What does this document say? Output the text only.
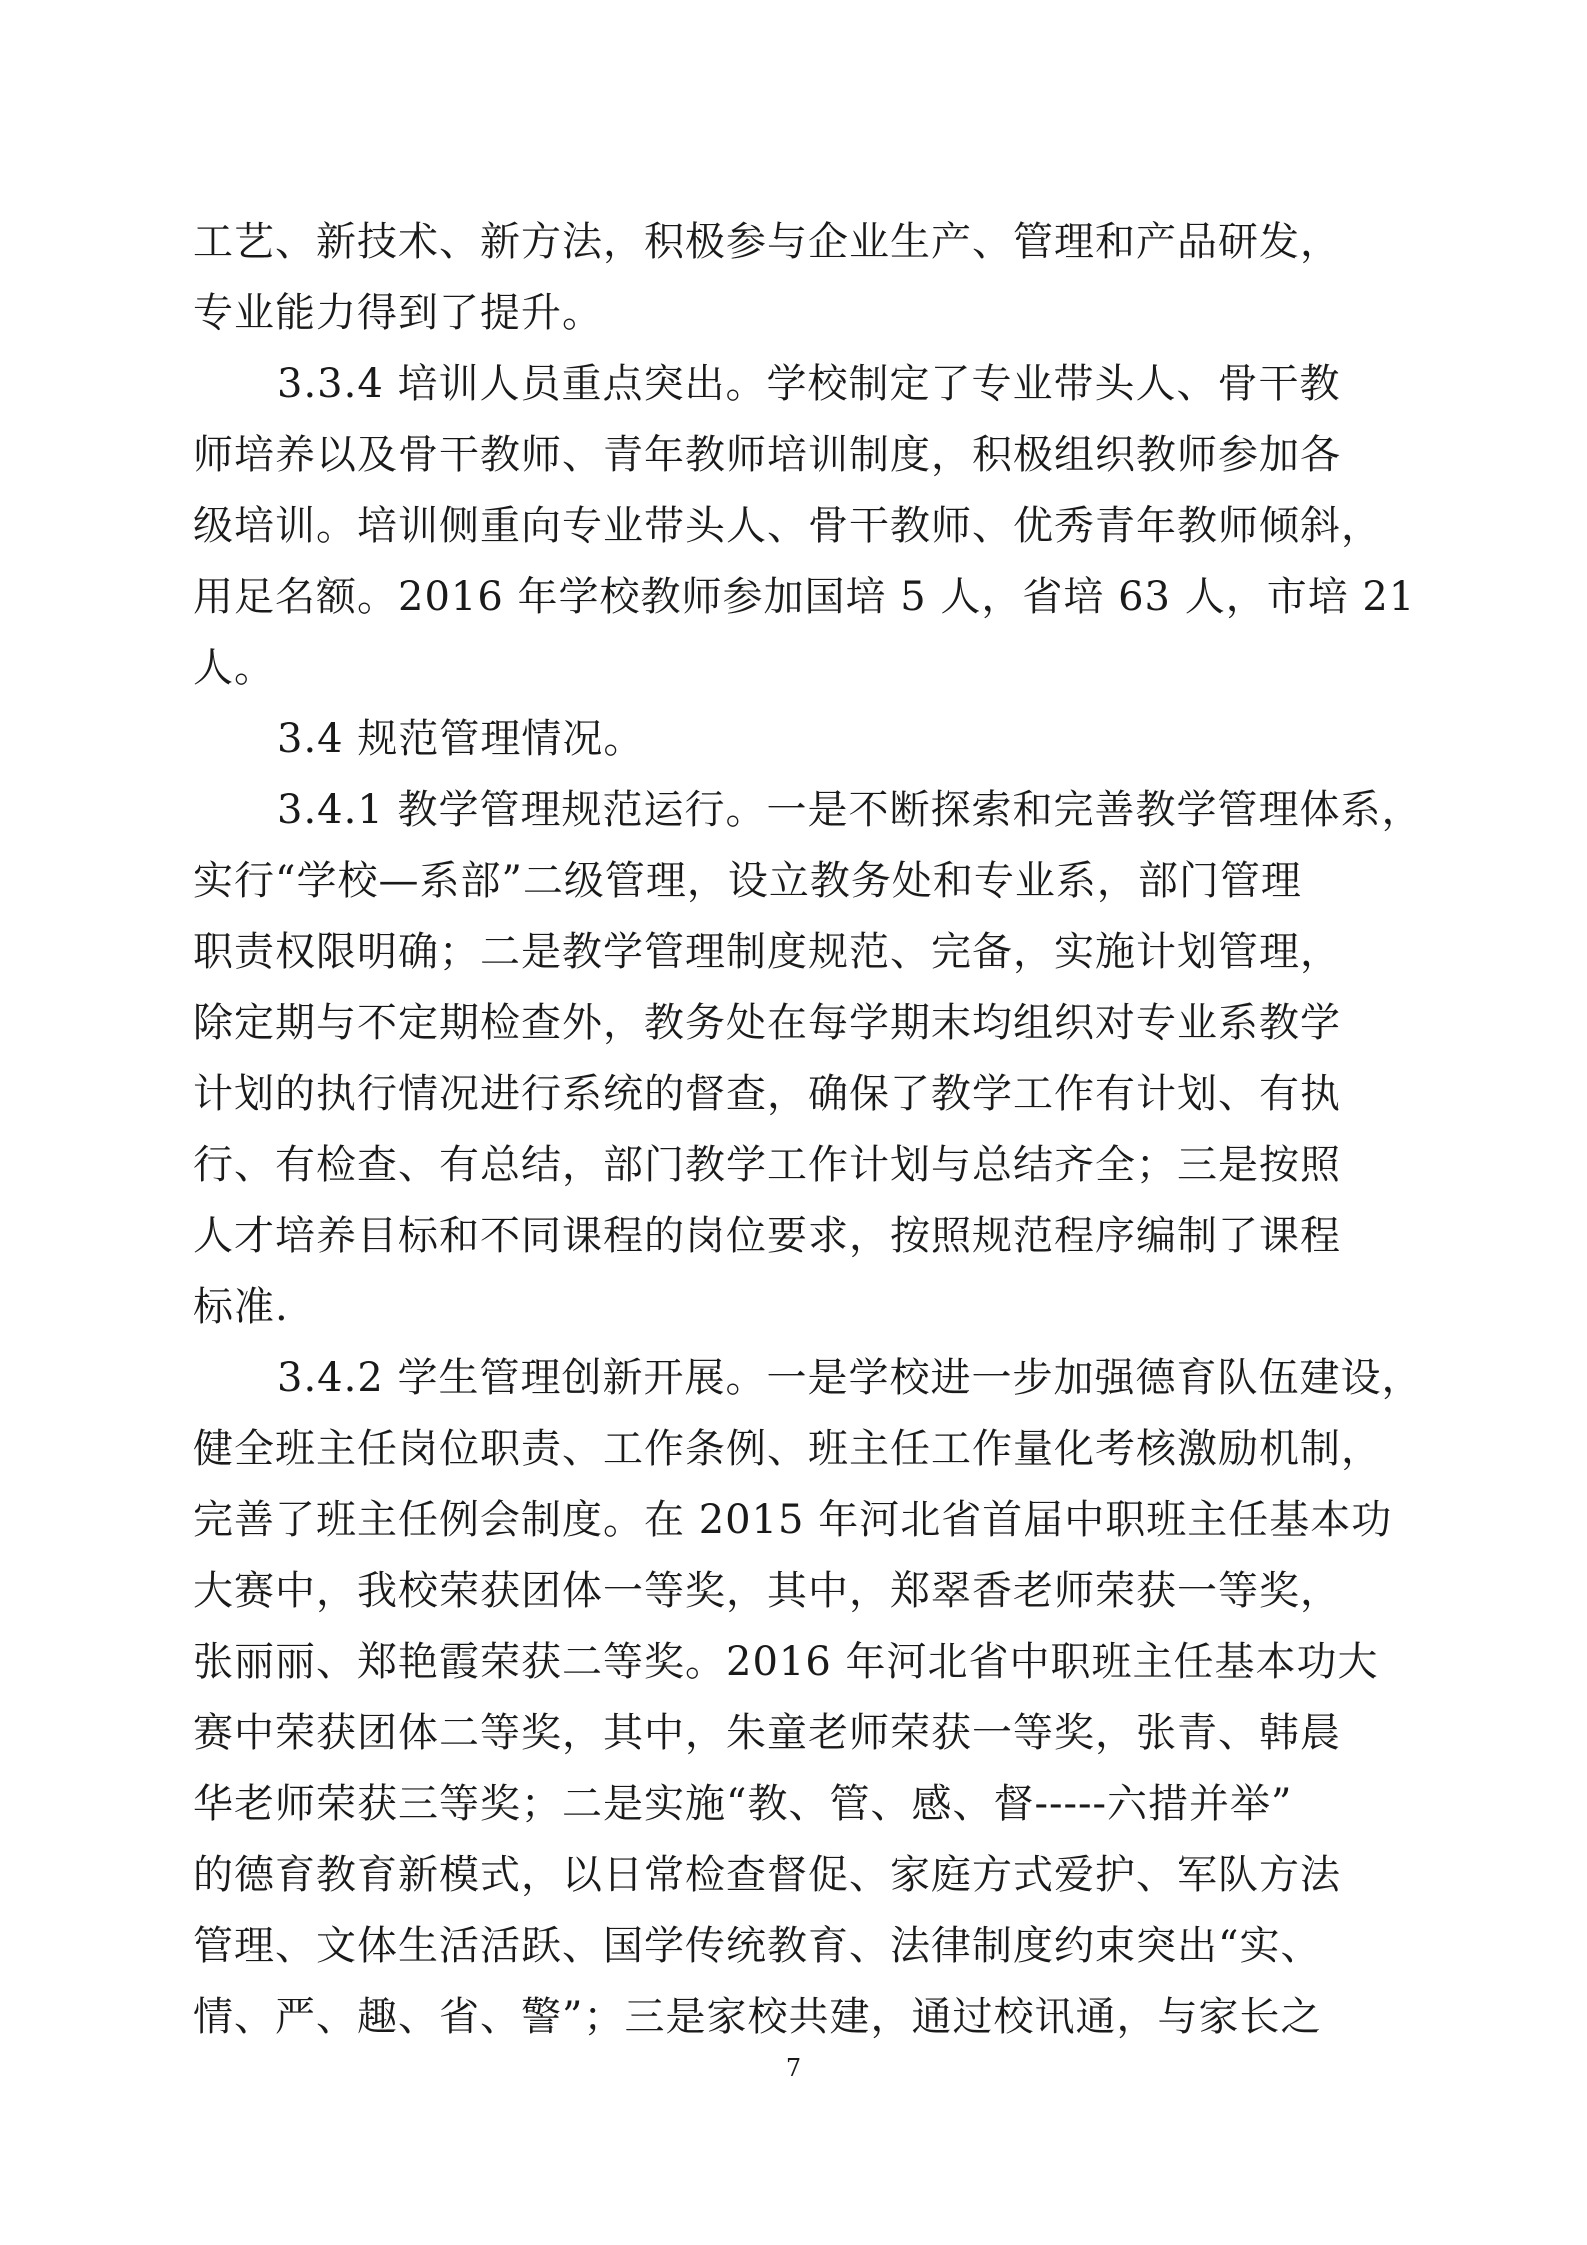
工艺、新技术、新方法，积极参与企业生产、管理和产品研发，
专业能力得到了提升。
3.3.4 培训人员重点突出。学校制定了专业带头人、骨干教
师培养以及骨干教师、青年教师培训制度，积极组织教师参加各
级培训。培训侧重向专业带头人、骨干教师、优秀青年教师倾斜，
用足名额。2016 年学校教师参加国培 5 人，省培 63 人，市培 21
人。
3.4 规范管理情况。
3.4.1 教学管理规范运行。一是不断探索和完善教学管理体系，
实行“学校—系部”二级管理，设立教务处和专业系，部门管理
职责权限明确；二是教学管理制度规范、完备，实施计划管理，
除定期与不定期检查外，教务处在每学期末均组织对专业系教学
计划的执行情况进行系统的督查，确保了教学工作有计划、有执
行、有检查、有总结，部门教学工作计划与总结齐全；三是按照
人才培养目标和不同课程的岗位要求，按照规范程序编制了课程
标准.
3.4.2 学生管理创新开展。一是学校进一步加强德育队伍建设，
健全班主任岗位职责、工作条例、班主任工作量化考核激励机制，
完善了班主任例会制度。在 2015 年河北省首届中职班主任基本功
大赛中，我校荣获团体一等奖，其中，郑翠香老师荣获一等奖，
张丽丽、郑艳霞荣获二等奖。2016 年河北省中职班主任基本功大
赛中荣获团体二等奖，其中，朱童老师荣获一等奖，张青、韩晨
华老师荣获三等奖；二是实施“教、管、感、督-----六措并举”
的德育教育新模式，以日常检查督促、家庭方式爱护、军队方法
管理、文体生活活跃、国学传统教育、法律制度约束突出“实、
情、严、趣、省、警”；三是家校共建，通过校讯通，与家长之
7
